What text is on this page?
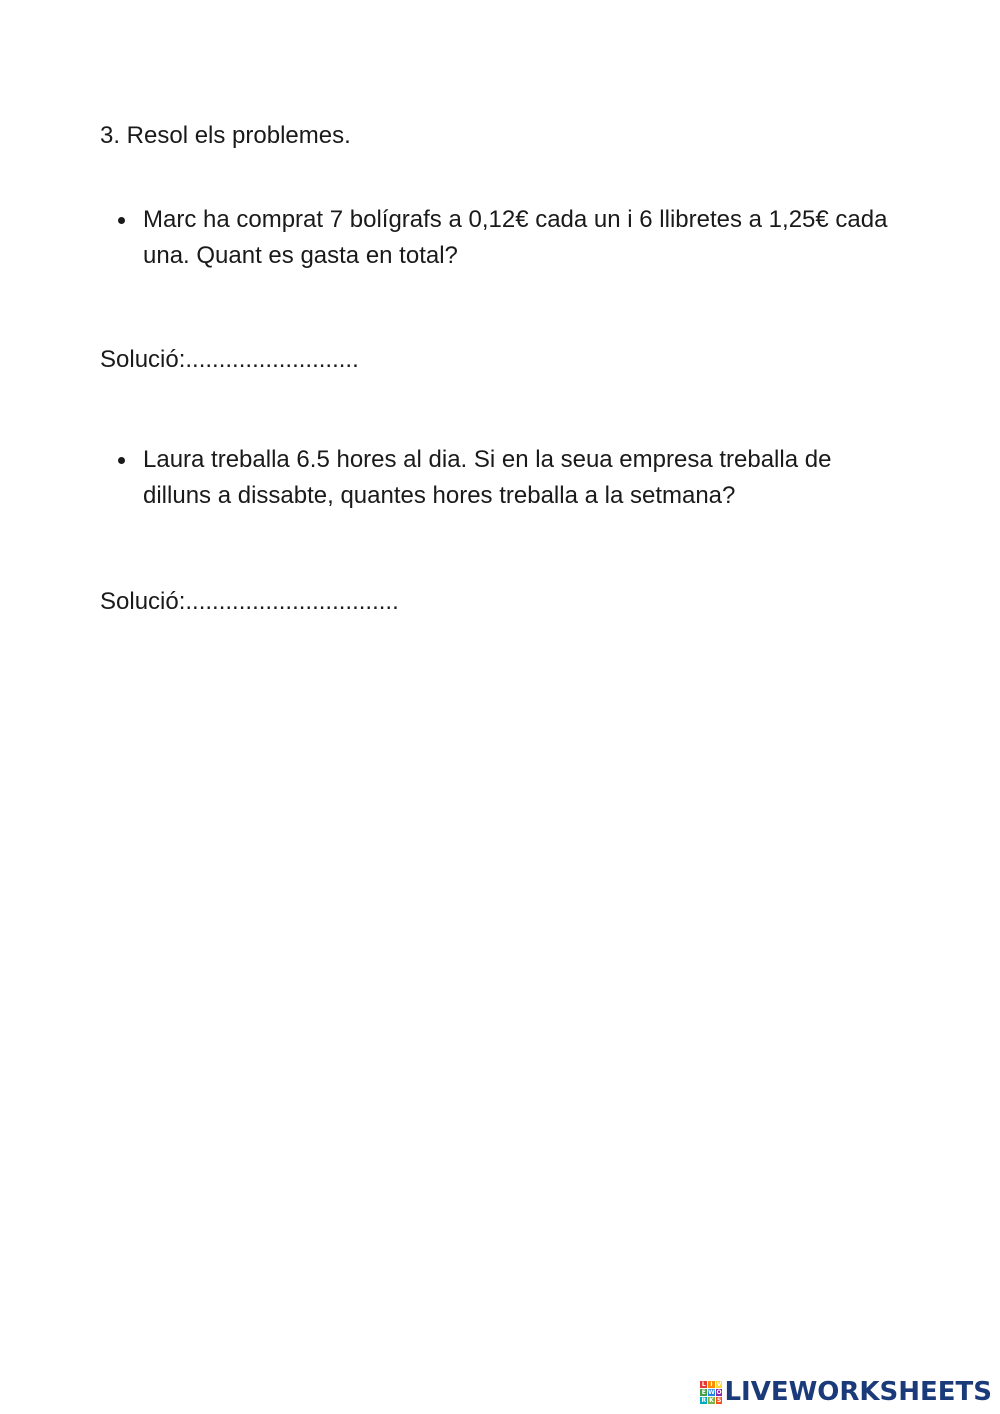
3. Resol els problemes.
Marc ha comprat 7 bolígrafs a 0,12€ cada un i 6 llibretes a 1,25€ cada una. Quant es gasta en total?

Solució:..........................

Laura treballa 6.5 hores al dia. Si en la seua empresa treballa de dilluns a dissabte, quantes hores treballa a la setmana?

Solució:................................

L I V
E W O
R K S LIVEWORKSHEETS
